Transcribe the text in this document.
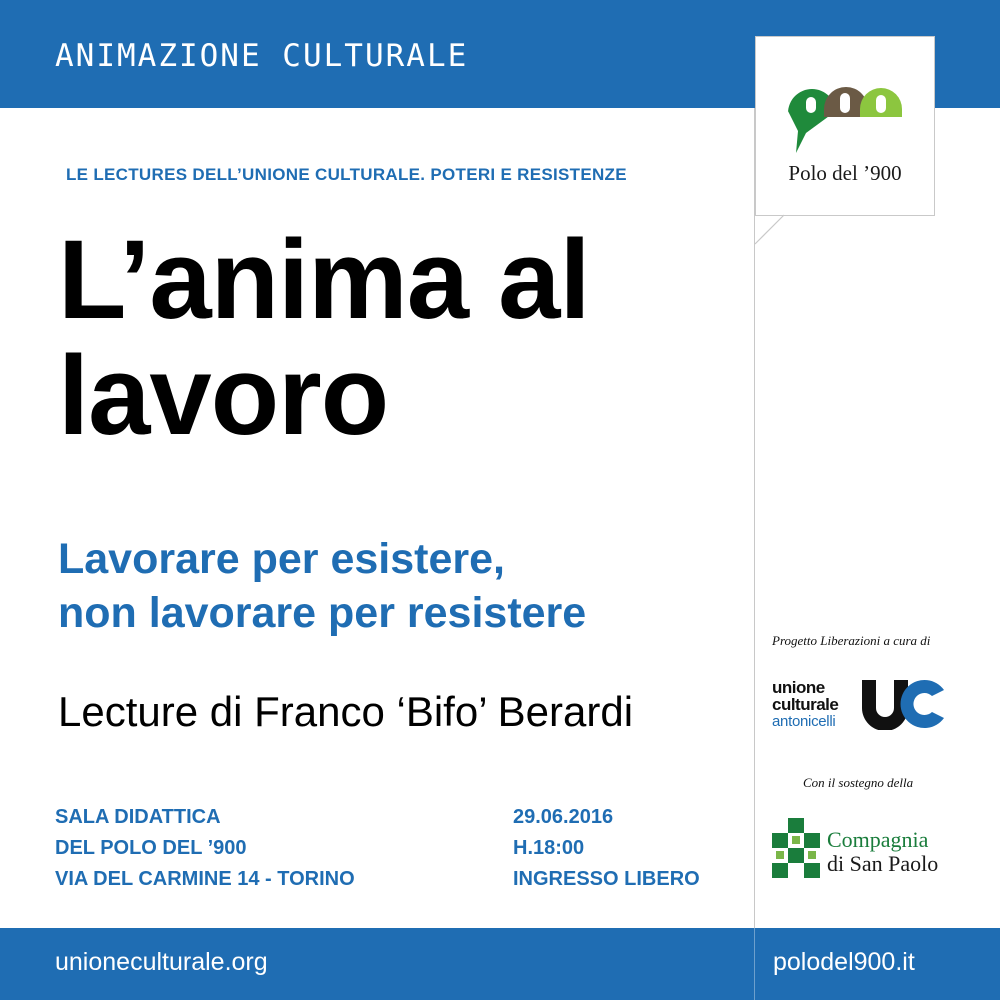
ANIMAZIONE CULTURALE
Polo del ’900
LE LECTURES DELL’UNIONE CULTURALE. POTERI E RESISTENZE
L’anima al
lavoro
Lavorare per esistere,
non lavorare per resistere
Lecture di Franco ‘Bifo’ Berardi
SALA DIDATTICA
DEL POLO DEL ’900
VIA DEL CARMINE 14 - TORINO
29.06.2016
H.18:00
INGRESSO LIBERO
Progetto Liberazioni a cura di
unione
culturale
antonicelli
Con il sostegno della
Compagnia
di San Paolo
unioneculturale.org	polodel900.it
